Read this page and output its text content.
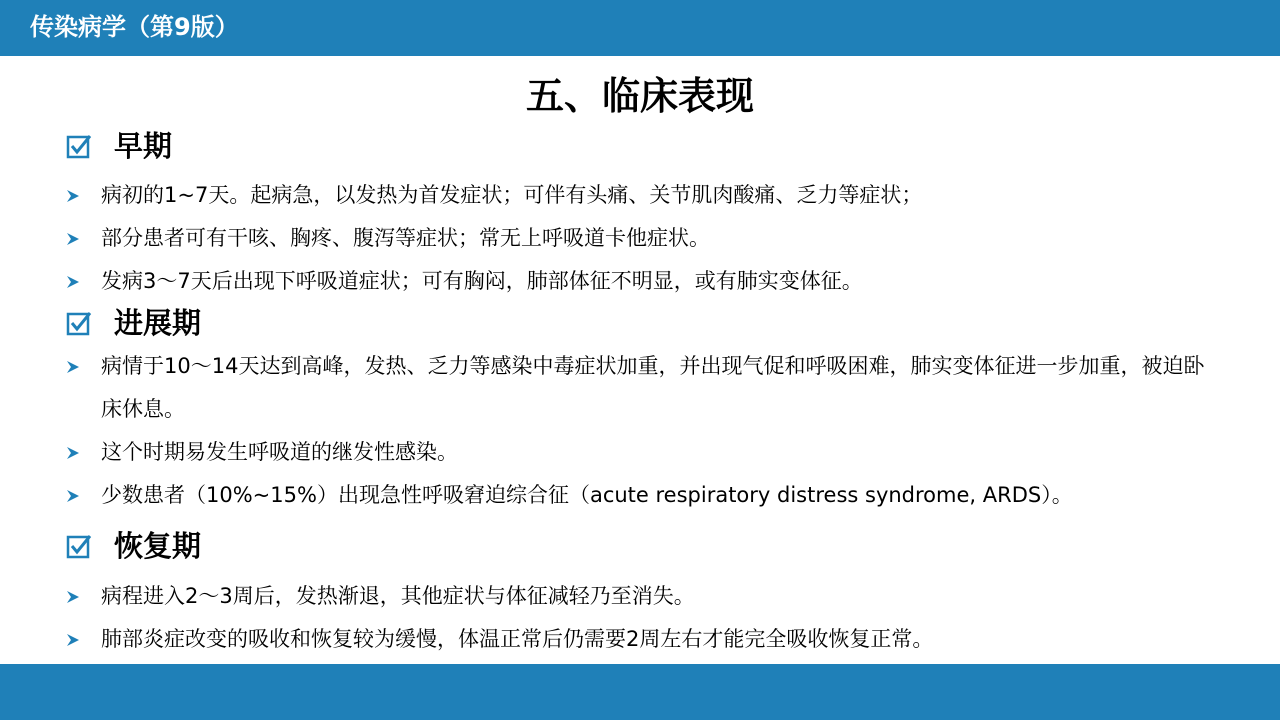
传染病学（第9版）
五、临床表现
早期
病初的1~7天。起病急，以发热为首发症状；可伴有头痛、关节肌肉酸痛、乏力等症状；
部分患者可有干咳、胸疼、腹泻等症状；常无上呼吸道卡他症状。
发病3～7天后出现下呼吸道症状；可有胸闷，肺部体征不明显，或有肺实变体征。
进展期
病情于10～14天达到高峰，发热、乏力等感染中毒症状加重，并出现气促和呼吸困难，肺实变体征进一步加重，被迫卧床休息。
这个时期易发生呼吸道的继发性感染。
少数患者（10%~15%）出现急性呼吸窘迫综合征（acute respiratory distress syndrome, ARDS）。
恢复期
病程进入2～3周后，发热渐退，其他症状与体征减轻乃至消失。
肺部炎症改变的吸收和恢复较为缓慢，体温正常后仍需要2周左右才能完全吸收恢复正常。
